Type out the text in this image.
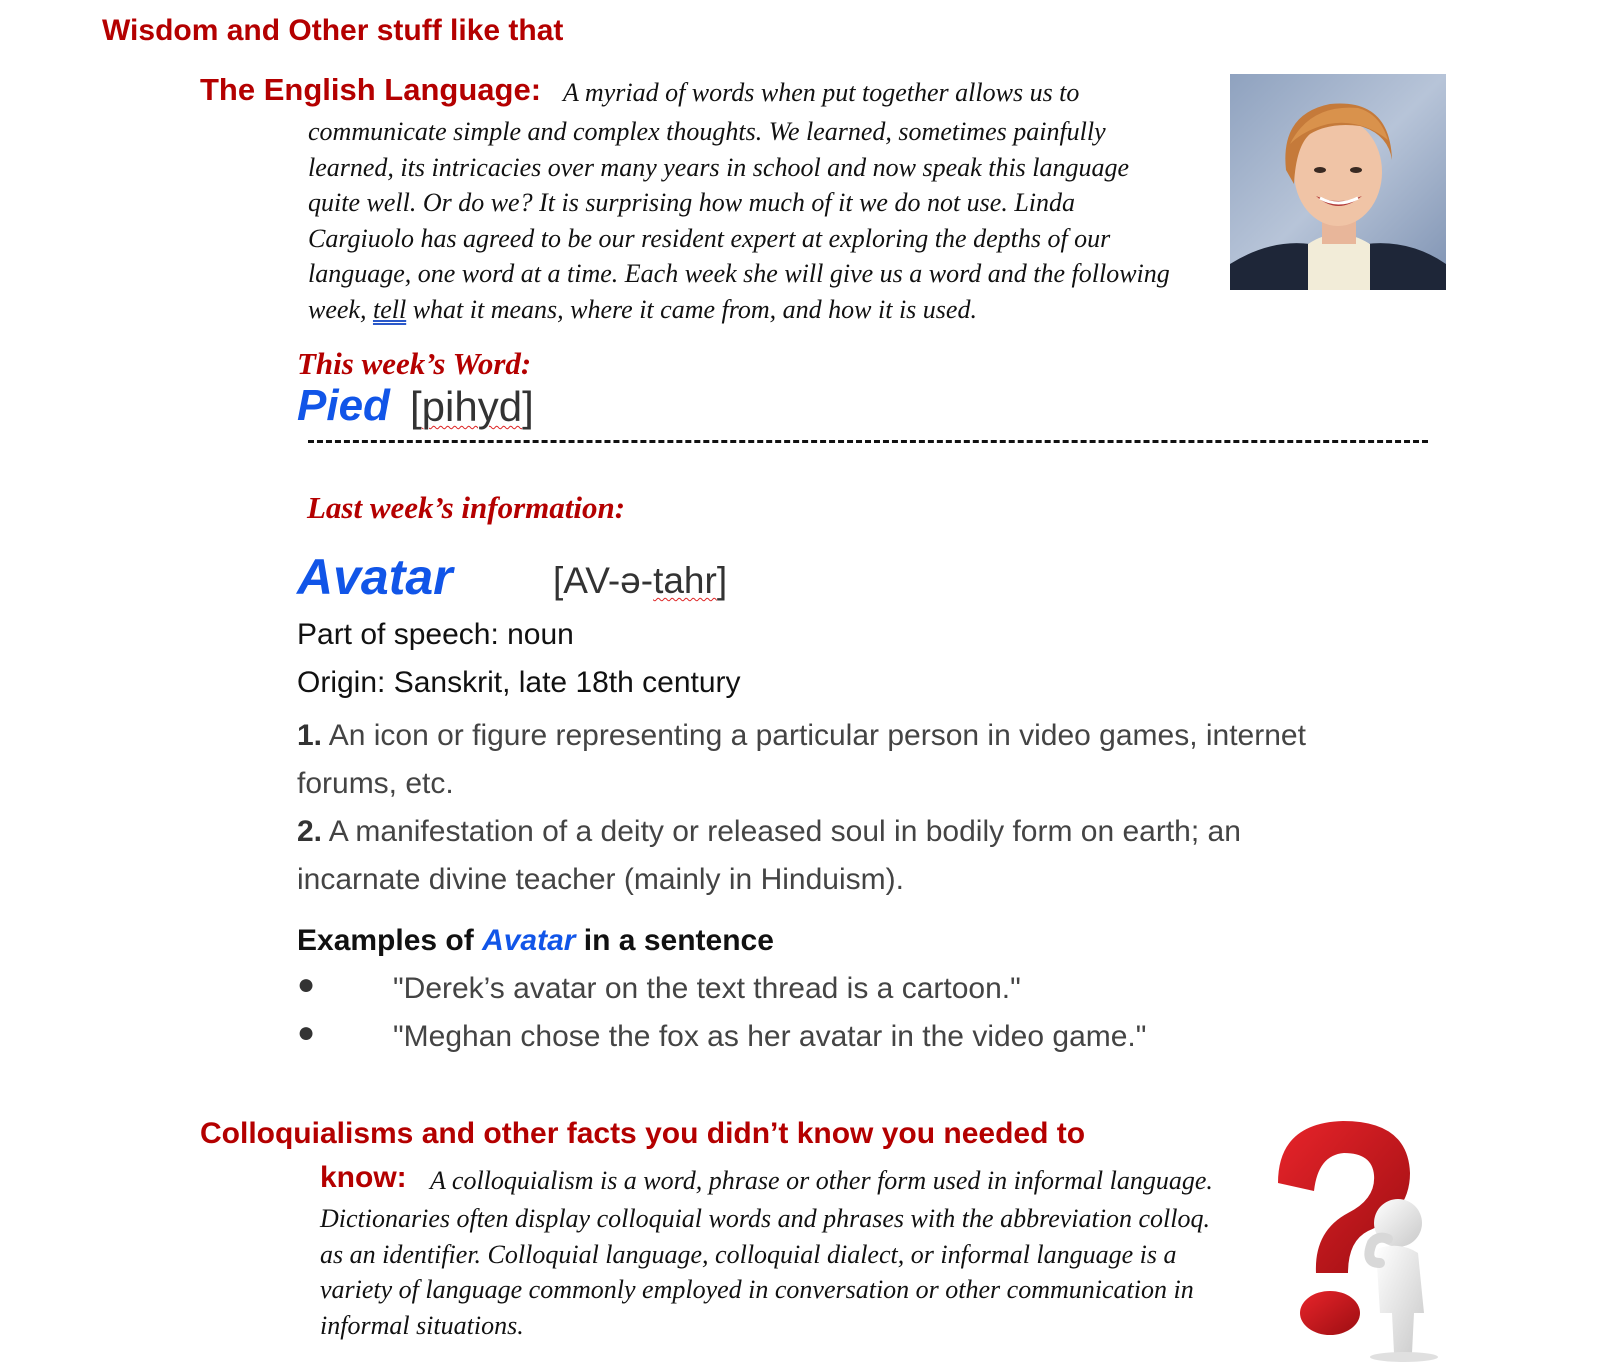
Wisdom and Other stuff like that
The English Language: A myriad of words when put together allows us to
communicate simple and complex thoughts. We learned, sometimes painfully
learned, its intricacies over many years in school and now speak this language
quite well. Or do we? It is surprising how much of it we do not use. Linda
Cargiuolo has agreed to be our resident expert at exploring the depths of our
language, one word at a time. Each week she will give us a word and the following
week, tell what it means, where it came from, and how it is used.
This week’s Word:
Pied [pihyd]
Last week’s information:
Avatar	[AV-ə-tahr]
Part of speech: noun
Origin: Sanskrit, late 18th century
1. An icon or figure representing a particular person in video games, internet
forums, etc.
2. A manifestation of a deity or released soul in bodily form on earth; an
incarnate divine teacher (mainly in Hinduism).
Examples of Avatar in a sentence
●	"Derek’s avatar on the text thread is a cartoon."
●	"Meghan chose the fox as her avatar in the video game."
Colloquialisms and other facts you didn’t know you needed to
know: A colloquialism is a word, phrase or other form used in informal language.
Dictionaries often display colloquial words and phrases with the abbreviation colloq.
as an identifier. Colloquial language, colloquial dialect, or informal language is a
variety of language commonly employed in conversation or other communication in
informal situations.
